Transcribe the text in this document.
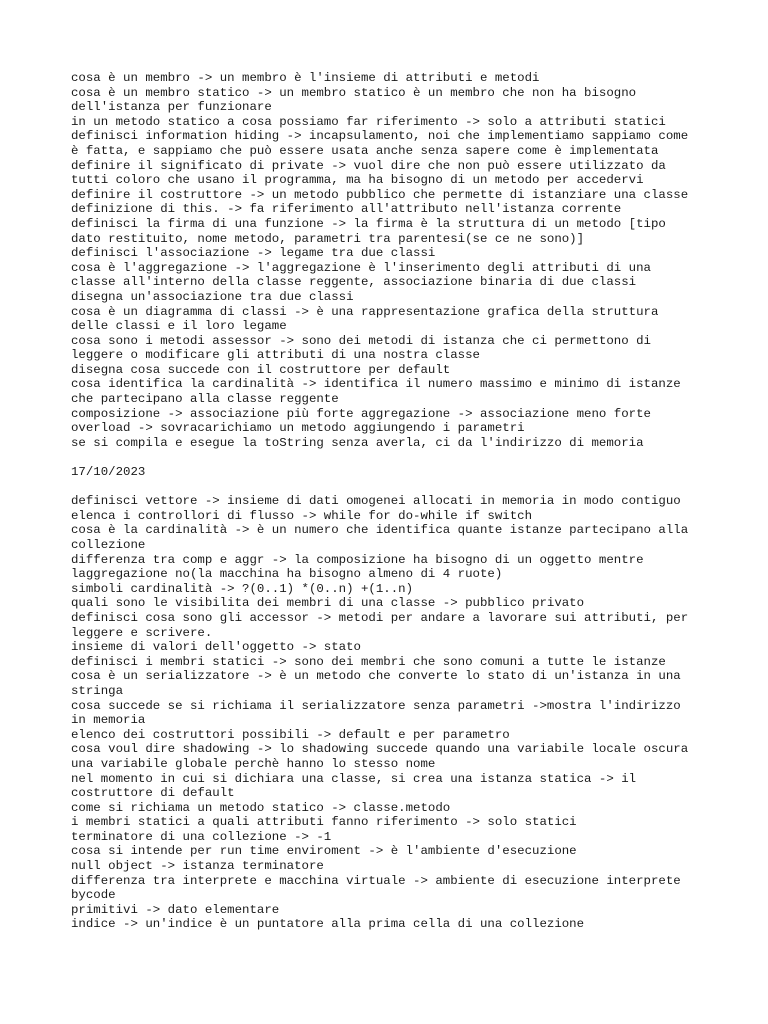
cosa è un membro -> un membro è l'insieme di attributi e metodi
cosa è un membro statico -> un membro statico è un membro che non ha bisogno
dell'istanza per funzionare
in un metodo statico a cosa possiamo far riferimento -> solo a attributi statici
definisci information hiding -> incapsulamento, noi che implementiamo sappiamo come
è fatta, e sappiamo che può essere usata anche senza sapere come è implementata
definire il significato di private -> vuol dire che non può essere utilizzato da
tutti coloro che usano il programma, ma ha bisogno di un metodo per accedervi
definire il costruttore -> un metodo pubblico che permette di istanziare una classe
definizione di this. -> fa riferimento all'attributo nell'istanza corrente
definisci la firma di una funzione -> la firma è la struttura di un metodo [tipo
dato restituito, nome metodo, parametri tra parentesi(se ce ne sono)]
definisci l'associazione -> legame tra due classi
cosa è l'aggregazione -> l'aggregazione è l'inserimento degli attributi di una
classe all'interno della classe reggente, associazione binaria di due classi
disegna un'associazione tra due classi
cosa è un diagramma di classi -> è una rappresentazione grafica della struttura
delle classi e il loro legame
cosa sono i metodi assessor -> sono dei metodi di istanza che ci permettono di
leggere o modificare gli attributi di una nostra classe
disegna cosa succede con il costruttore per default
cosa identifica la cardinalità -> identifica il numero massimo e minimo di istanze
che partecipano alla classe reggente
composizione -> associazione più forte aggregazione -> associazione meno forte
overload -> sovracarichiamo un metodo aggiungendo i parametri
se si compila e esegue la toString senza averla, ci da l'indirizzo di memoria
17/10/2023
definisci vettore -> insieme di dati omogenei allocati in memoria in modo contiguo
elenca i controllori di flusso -> while for do-while if switch
cosa è la cardinalità -> è un numero che identifica quante istanze partecipano alla
collezione
differenza tra comp e aggr -> la composizione ha bisogno di un oggetto mentre
laggregazione no(la macchina ha bisogno almeno di 4 ruote)
simboli cardinalità -> ?(0..1) *(0..n) +(1..n)
quali sono le visibilita dei membri di una classe -> pubblico privato
definisci cosa sono gli accessor -> metodi per andare a lavorare sui attributi, per
leggere e scrivere.
insieme di valori dell'oggetto -> stato
definisci i membri statici -> sono dei membri che sono comuni a tutte le istanze
cosa è un serializzatore -> è un metodo che converte lo stato di un'istanza in una
stringa
cosa succede se si richiama il serializzatore senza parametri ->mostra l'indirizzo
in memoria
elenco dei costruttori possibili -> default e per parametro
cosa voul dire shadowing -> lo shadowing succede quando una variabile locale oscura
una variabile globale perchè hanno lo stesso nome
nel momento in cui si dichiara una classe, si crea una istanza statica -> il
costruttore di default
come si richiama un metodo statico -> classe.metodo
i membri statici a quali attributi fanno riferimento -> solo statici
terminatore di una collezione -> -1
cosa si intende per run time enviroment -> è l'ambiente d'esecuzione
null object -> istanza terminatore
differenza tra interprete e macchina virtuale -> ambiente di esecuzione interprete
bycode
primitivi -> dato elementare
indice -> un'indice è un puntatore alla prima cella di una collezione
